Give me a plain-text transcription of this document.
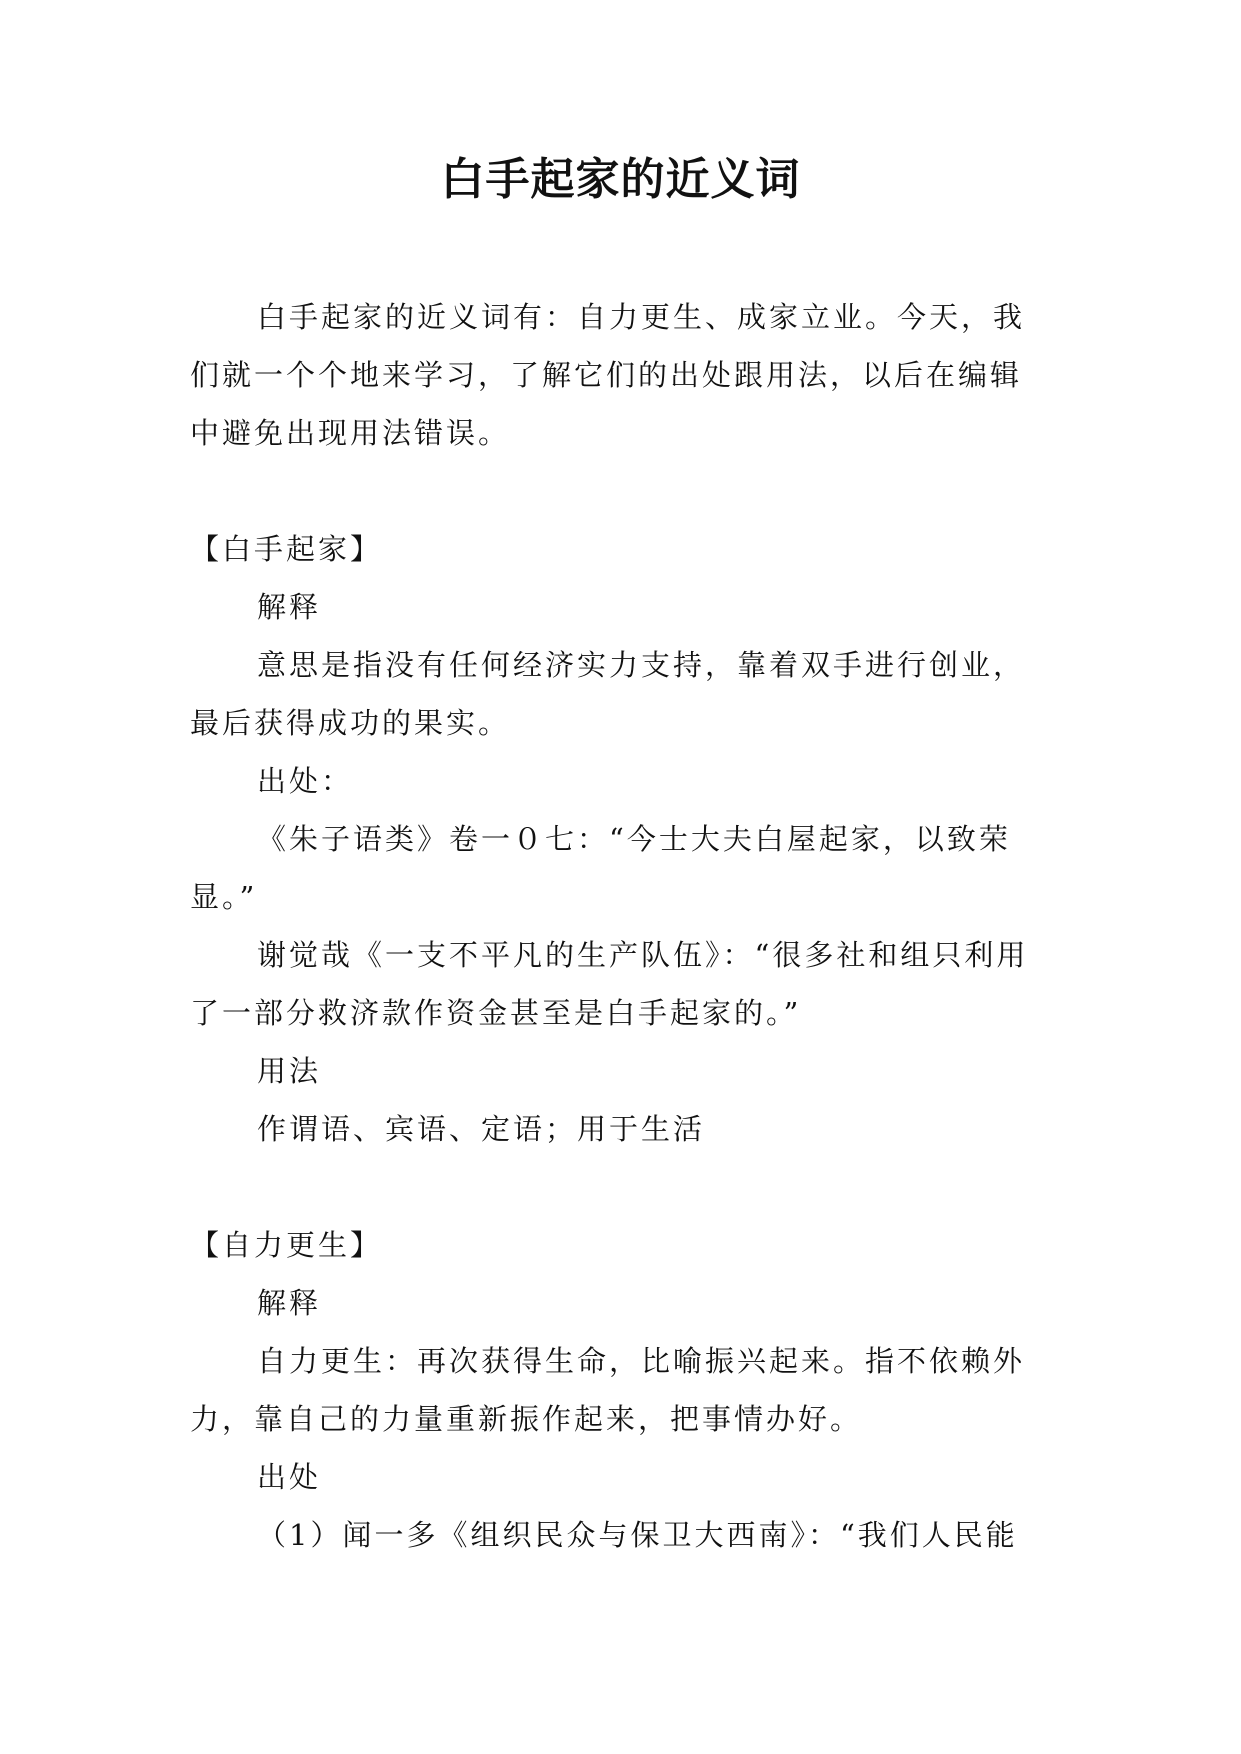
白手起家的近义词

白手起家的近义词有：自力更生、成家立业。今天，我们就一个个地来学习，了解它们的出处跟用法，以后在编辑中避免出现用法错误。

【白手起家】

解释

意思是指没有任何经济实力支持，靠着双手进行创业，最后获得成功的果实。

出处：

《朱子语类》卷一０七：“今士大夫白屋起家，以致荣显。”

谢觉哉《一支不平凡的生产队伍》：“很多社和组只利用了一部分救济款作资金甚至是白手起家的。”

用法

作谓语、宾语、定语；用于生活

【自力更生】

解释

自力更生：再次获得生命，比喻振兴起来。指不依赖外力，靠自己的力量重新振作起来，把事情办好。

出处

（1）闻一多《组织民众与保卫大西南》：“我们人民能
